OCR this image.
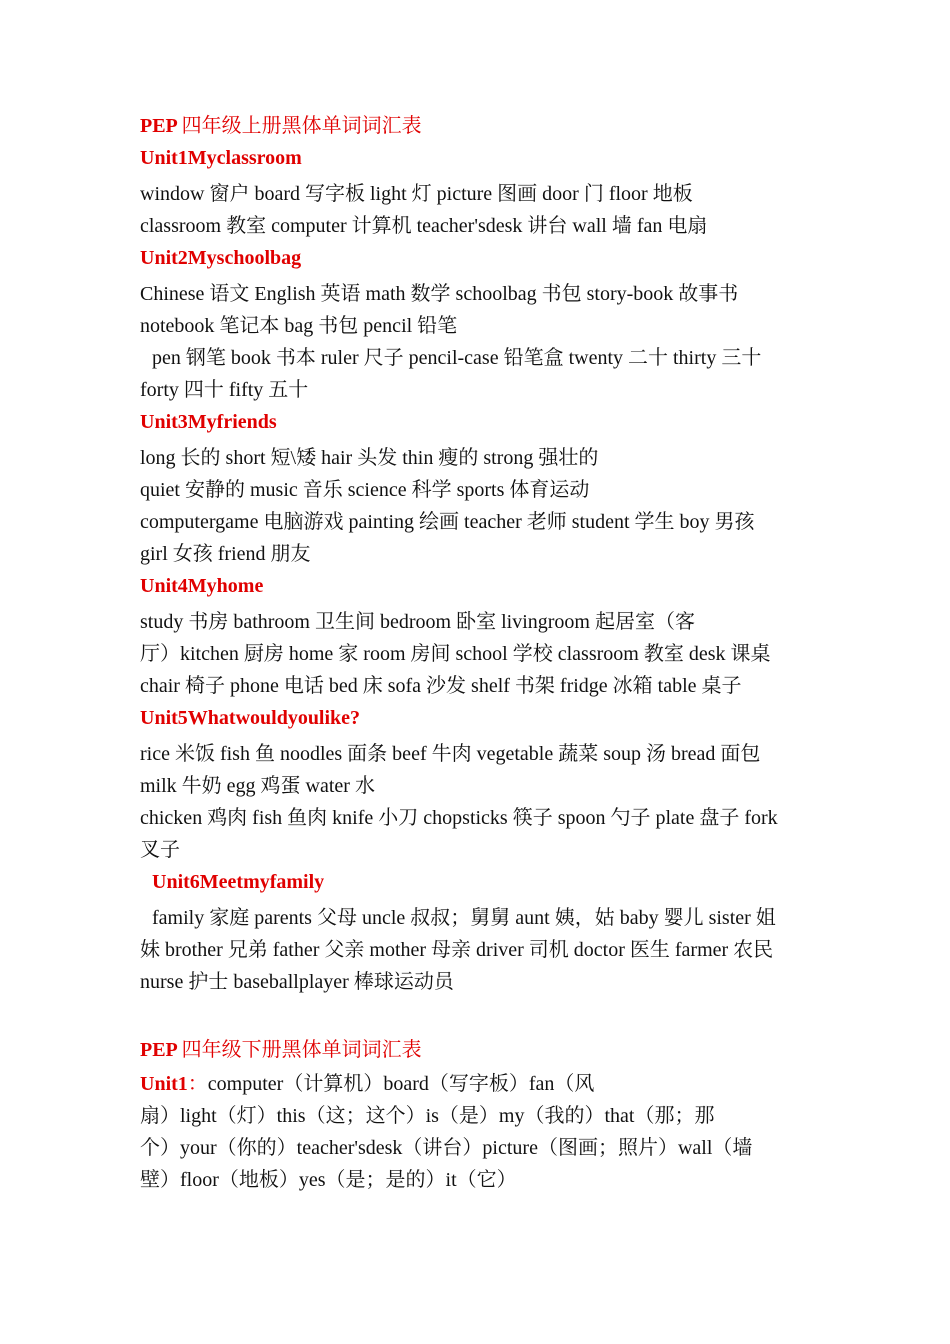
PEP 四年级上册黑体单词词汇表
Unit1Myclassroom
window 窗户 board 写字板 light 灯 picture 图画 door 门 floor 地板
classroom 教室 computer 计算机 teacher'sdesk 讲台 wall 墙 fan 电扇
Unit2Myschoolbag
Chinese 语文 English 英语 math 数学 schoolbag 书包 story-book 故事书
notebook 笔记本 bag 书包 pencil 铅笔
pen 钢笔 book 书本 ruler 尺子 pencil-case 铅笔盒 twenty 二十 thirty 三十
forty 四十 fifty 五十
Unit3Myfriends
long 长的 short 短\矮 hair 头发 thin 瘦的 strong 强壮的
quiet 安静的 music 音乐 science 科学 sports 体育运动
computergame 电脑游戏 painting 绘画 teacher 老师 student 学生 boy 男孩
girl 女孩 friend 朋友
Unit4Myhome
study 书房 bathroom 卫生间 bedroom 卧室 livingroom 起居室（客
厅）kitchen 厨房 home 家 room 房间 school 学校 classroom 教室 desk 课桌
chair 椅子 phone 电话 bed 床 sofa 沙发 shelf 书架 fridge 冰箱 table 桌子
Unit5Whatwouldyoulike?
rice 米饭 fish 鱼 noodles 面条 beef 牛肉 vegetable 蔬菜 soup 汤 bread 面包
milk 牛奶 egg 鸡蛋 water 水
chicken 鸡肉 fish 鱼肉 knife 小刀 chopsticks 筷子 spoon 勺子 plate 盘子 fork
叉子
Unit6Meetmyfamily
family 家庭 parents 父母 uncle 叔叔；舅舅 aunt 姨，姑 baby 婴儿 sister 姐
妹 brother 兄弟 father 父亲 mother 母亲 driver 司机 doctor 医生 farmer 农民
nurse 护士 baseballplayer 棒球运动员
PEP 四年级下册黑体单词词汇表
Unit1：computer（计算机）board（写字板）fan（风
扇）light（灯）this（这；这个）is（是）my（我的）that（那；那
个）your（你的）teacher'sdesk（讲台）picture（图画；照片）wall（墙
壁）floor（地板）yes（是；是的）it（它）
